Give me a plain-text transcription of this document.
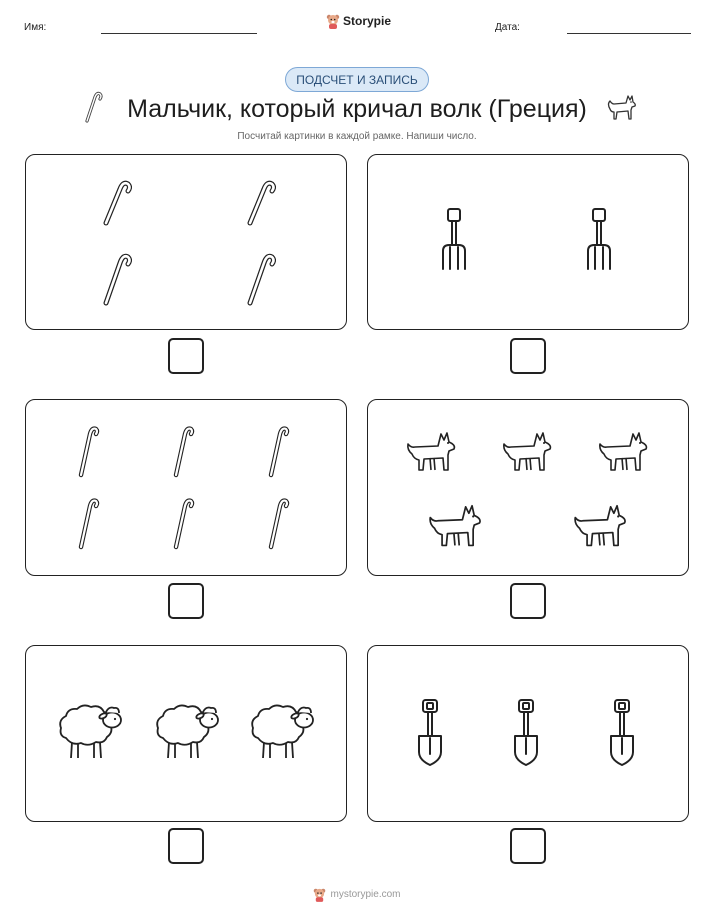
Имя:	Storypie	Дата:
ПОДСЧЕТ И ЗАПИСЬ
Мальчик, который кричал волк (Греция)
Посчитай картинки в каждой рамке. Напиши число.
mystorypie.com
